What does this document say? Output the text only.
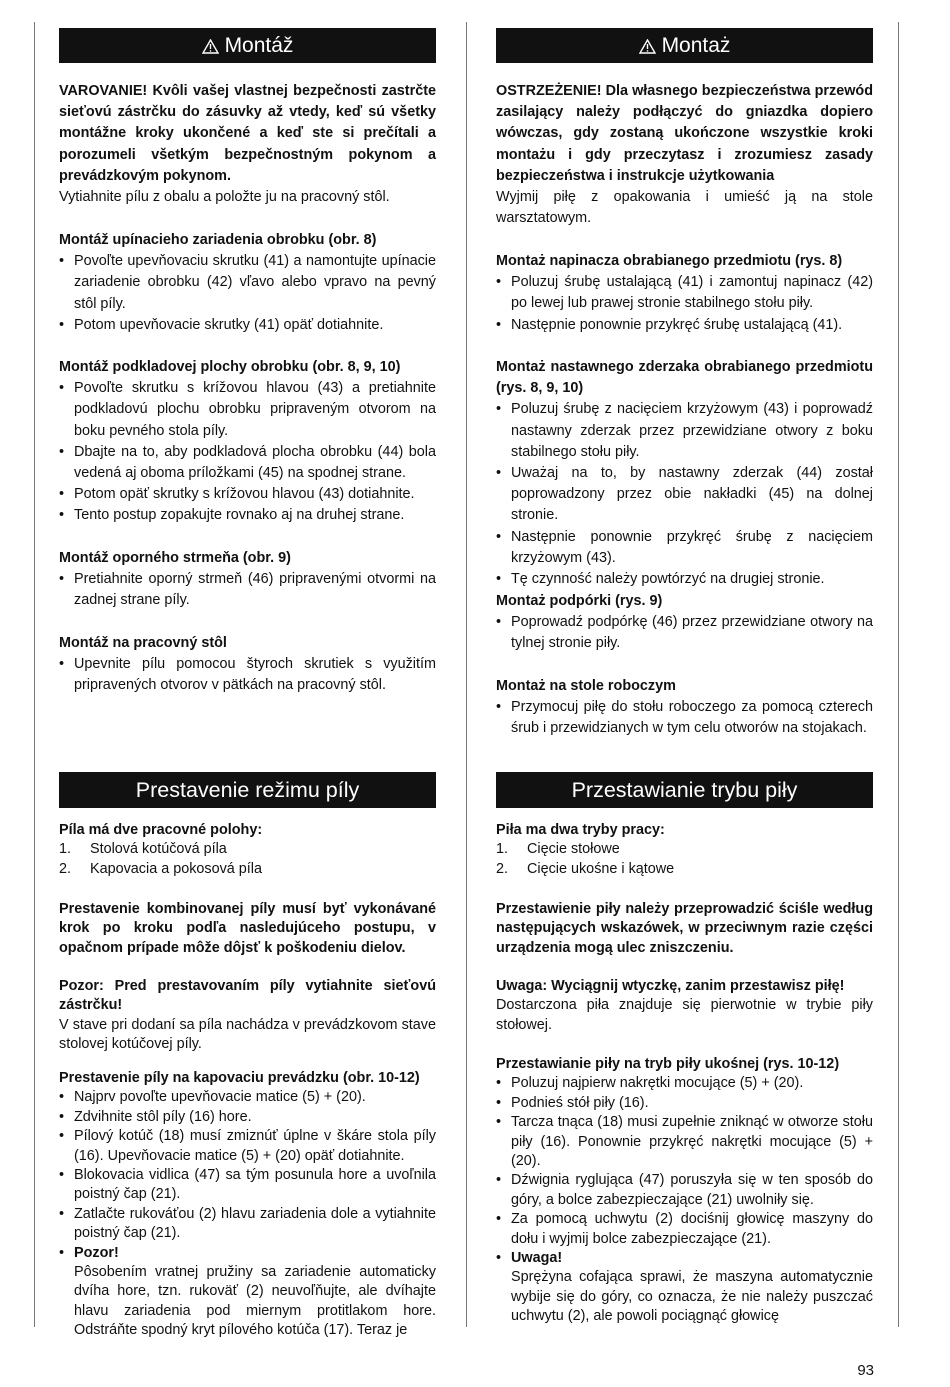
Montáž

VAROVANIE! Kvôli vašej vlastnej bezpečnosti zastrčte sieťovú zástrčku do zásuvky až vtedy, keď sú všetky montážne kroky ukončené a keď ste si prečítali a porozumeli všetkým bezpečnostným pokynom a prevádzkovým pokynom.

Vytiahnite pílu z obalu a položte ju na pracovný stôl.

Montáž upínacieho zariadenia obrobku (obr. 8)

• Povoľte upevňovaciu skrutku (41) a namontujte upínacie zariadenie obrobku (42) vľavo alebo vpravo na pevný stôl píly.
• Potom upevňovacie skrutky (41) opäť dotiahnite.

Montáž podkladovej plochy obrobku (obr. 8, 9, 10)

• Povoľte skrutku s krížovou hlavou (43) a pretiahnite podkladovú plochu obrobku pripraveným otvorom na boku pevného stola píly.
• Dbajte na to, aby podkladová plocha obrobku (44) bola vedená aj oboma príložkami (45) na spodnej strane.
• Potom opäť skrutky s krížovou hlavou (43) dotiahnite.
• Tento postup zopakujte rovnako aj na druhej strane.

Montáž oporného strmeňa (obr. 9)

• Pretiahnite oporný strmeň (46) pripravenými otvormi na zadnej strane píly.

Montáž na pracovný stôl

• Upevnite pílu pomocou štyroch skrutiek s využitím pripravených otvorov v pätkách na pracovný stôl.
Prestavenie režimu píly

Píla má dve pracovné polohy:

1. Stolová kotúčová píla
2. Kapovacia a pokosová píla

Prestavenie kombinovanej píly musí byť vykonávané krok po kroku podľa nasledujúceho postupu, v opačnom prípade môže dôjsť k poškodeniu dielov.

Pozor: Pred prestavovaním píly vytiahnite sieťovú zástrčku!

V stave pri dodaní sa píla nachádza v prevádzkovom stave stolovej kotúčovej píly.

Prestavenie píly na kapovaciu prevádzku (obr. 10-12)

• Najprv povoľte upevňovacie matice (5) + (20).
• Zdvihnite stôl píly (16) hore.
• Pílový kotúč (18) musí zmiznúť úplne v škáre stola píly (16). Upevňovacie matice (5) + (20) opäť dotiahnite.
• Blokovacia vidlica (47) sa tým posunula hore a uvoľnila poistný čap (21).
• Zatlačte rukováťou (2) hlavu zariadenia dole a vytiahnite poistný čap (21).
• Pozor!
Pôsobením vratnej pružiny sa zariadenie automaticky dvíha hore, tzn. rukoväť (2) neuvoľňujte, ale dvíhajte hlavu zariadenia pod miernym protitlakom hore. Odstráňte spodný kryt pílového kotúča (17). Teraz je
Montaż

OSTRZEŻENIE! Dla własnego bezpieczeństwa przewód zasilający należy podłączyć do gniazdka dopiero wówczas, gdy zostaną ukończone wszystkie kroki montażu i gdy przeczytasz i zrozumiesz zasady bezpieczeństwa i instrukcje użytkowania

Wyjmij piłę z opakowania i umieść ją na stole warsztatowym.

Montaż napinacza obrabianego przedmiotu (rys. 8)

• Poluzuj śrubę ustalającą (41) i zamontuj napinacz (42) po lewej lub prawej stronie stabilnego stołu piły.
• Następnie ponownie przykręć śrubę ustalającą (41).

Montaż nastawnego zderzaka obrabianego przedmiotu (rys. 8, 9, 10)

• Poluzuj śrubę z nacięciem krzyżowym (43) i poprowadź nastawny zderzak przez przewidziane otwory z boku stabilnego stołu piły.
• Uważaj na to, by nastawny zderzak (44) został poprowadzony przez obie nakładki (45) na dolnej stronie.
• Następnie ponownie przykręć śrubę z nacięciem krzyżowym (43).
• Tę czynność należy powtórzyć na drugiej stronie.

Montaż podpórki (rys. 9)

• Poprowadź podpórkę (46) przez przewidziane otwory na tylnej stronie piły.

Montaż na stole roboczym

• Przymocuj piłę do stołu roboczego za pomocą czterech śrub i przewidzianych w tym celu otworów na stojakach.
Przestawianie trybu piły

Piła ma dwa tryby pracy:

1. Cięcie stołowe
2. Cięcie ukośne i kątowe

Przestawienie piły należy przeprowadzić ściśle według następujących wskazówek, w przeciwnym razie części urządzenia mogą ulec zniszczeniu.

Uwaga: Wyciągnij wtyczkę, zanim przestawisz piłę!

Dostarczona piła znajduje się pierwotnie w trybie piły stołowej.

Przestawianie piły na tryb piły ukośnej (rys. 10-12)

• Poluzuj najpierw nakrętki mocujące (5) + (20).
• Podnieś stół piły (16).
• Tarcza tnąca (18) musi zupełnie zniknąć w otworze stołu piły (16). Ponownie przykręć nakrętki mocujące (5) + (20).
• Dźwignia ryglująca (47) poruszyła się w ten sposób do góry, a bolce zabezpieczające (21) uwolniły się.
• Za pomocą uchwytu (2) dociśnij głowicę maszyny do dołu i wyjmij bolce zabezpieczające (21).
• Uwaga!
Sprężyna cofająca sprawi, że maszyna automatycznie wybije się do góry, co oznacza, że nie należy puszczać uchwytu (2), ale powoli pociągnąć głowicę
93
